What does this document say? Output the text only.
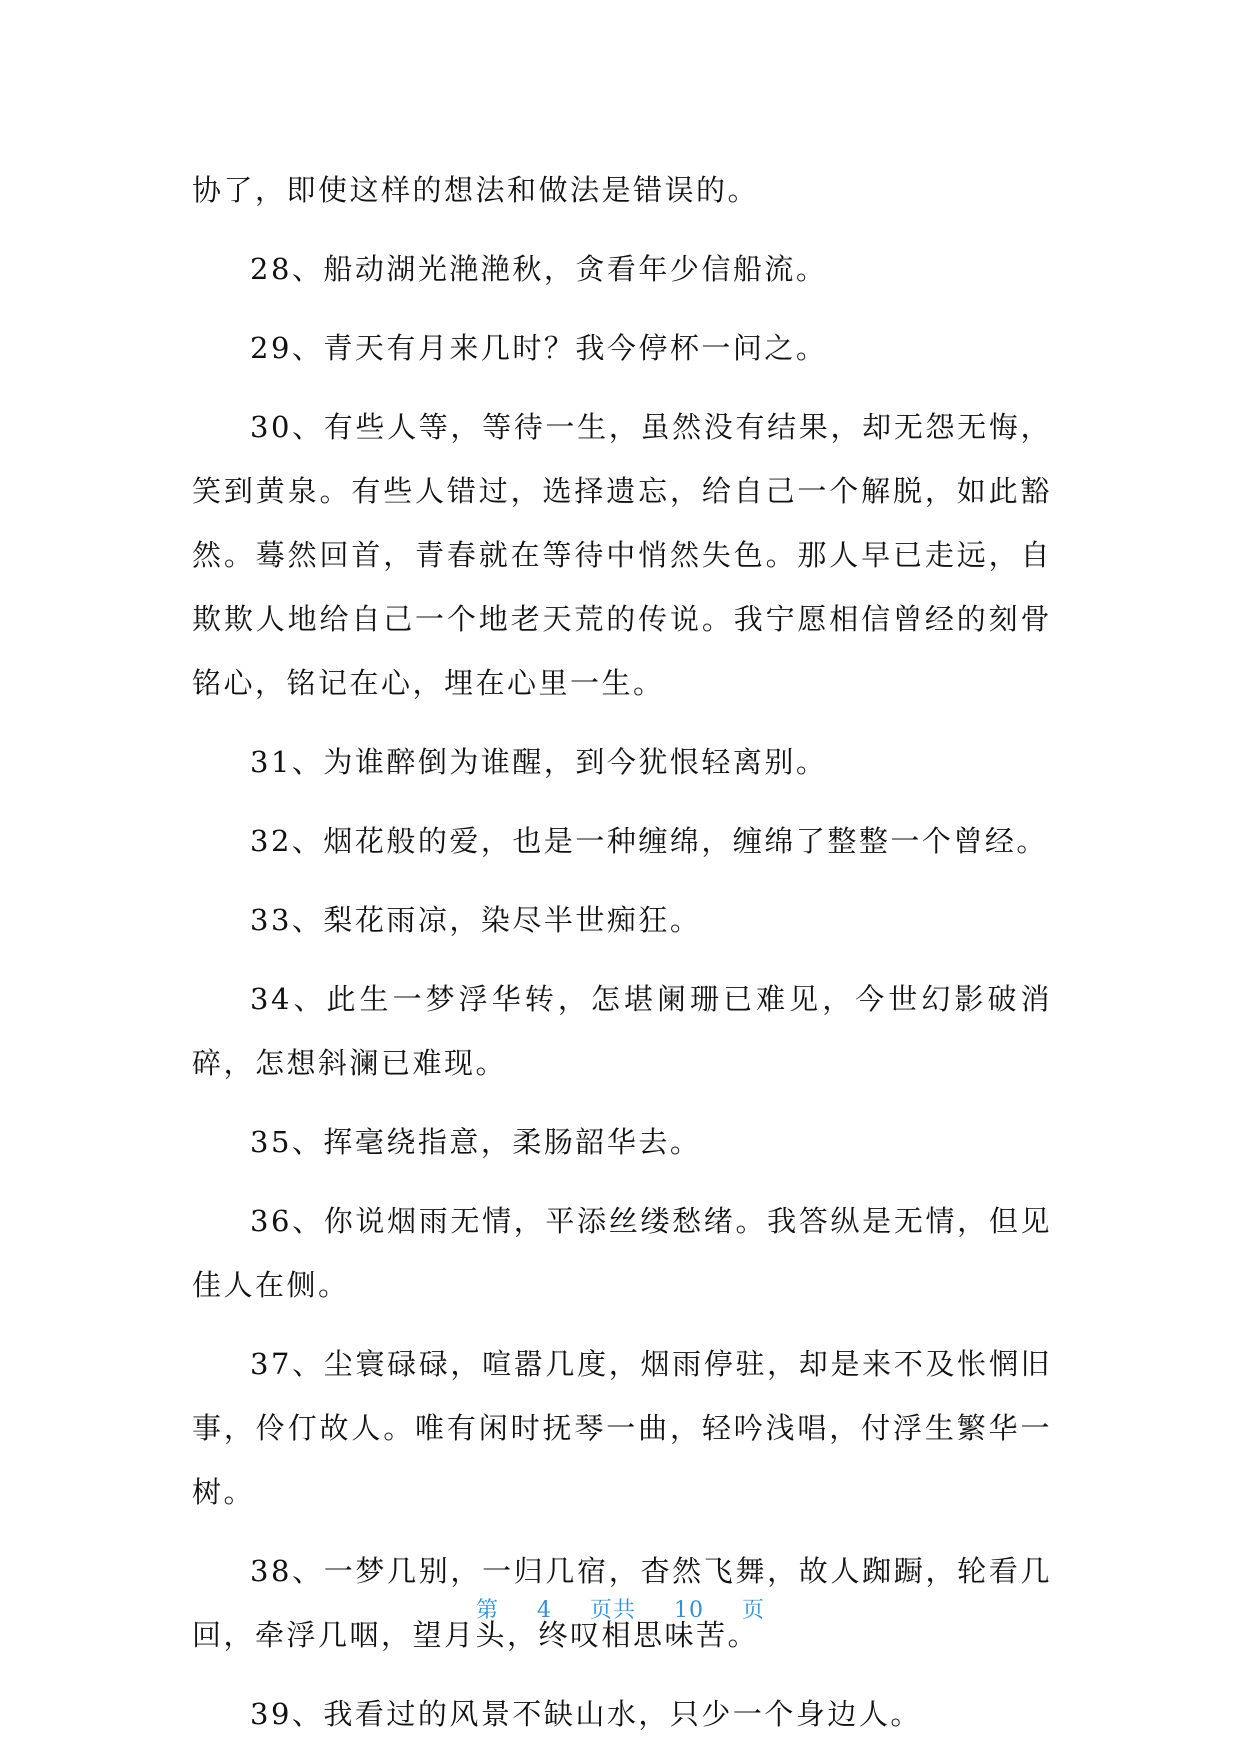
协了，即使这样的想法和做法是错误的。

28、船动湖光滟滟秋，贪看年少信船流。

29、青天有月来几时？我今停杯一问之。

30、有些人等，等待一生，虽然没有结果，却无怨无悔，笑到黄泉。有些人错过，选择遗忘，给自己一个解脱，如此豁然。蓦然回首，青春就在等待中悄然失色。那人早已走远，自欺欺人地给自己一个地老天荒的传说。我宁愿相信曾经的刻骨铭心，铭记在心，埋在心里一生。

31、为谁醉倒为谁醒，到今犹恨轻离别。

32、烟花般的爱，也是一种缠绵，缠绵了整整一个曾经。

33、梨花雨凉，染尽半世痴狂。

34、此生一梦浮华转，怎堪阑珊已难见，今世幻影破消碎，怎想斜澜已难现。

35、挥毫绕指意，柔肠韶华去。

36、你说烟雨无情，平添丝缕愁绪。我答纵是无情，但见佳人在侧。

37、尘寰碌碌，喧嚣几度，烟雨停驻，却是来不及怅惘旧事，伶仃故人。唯有闲时抚琴一曲，轻吟浅唱，付浮生繁华一树。

38、一梦几别，一归几宿，杳然飞舞，故人踟蹰，轮看几回，牵浮几咽，望月头，终叹相思味苦。

39、我看过的风景不缺山水，只少一个身边人。

第 4 页共 10 页
